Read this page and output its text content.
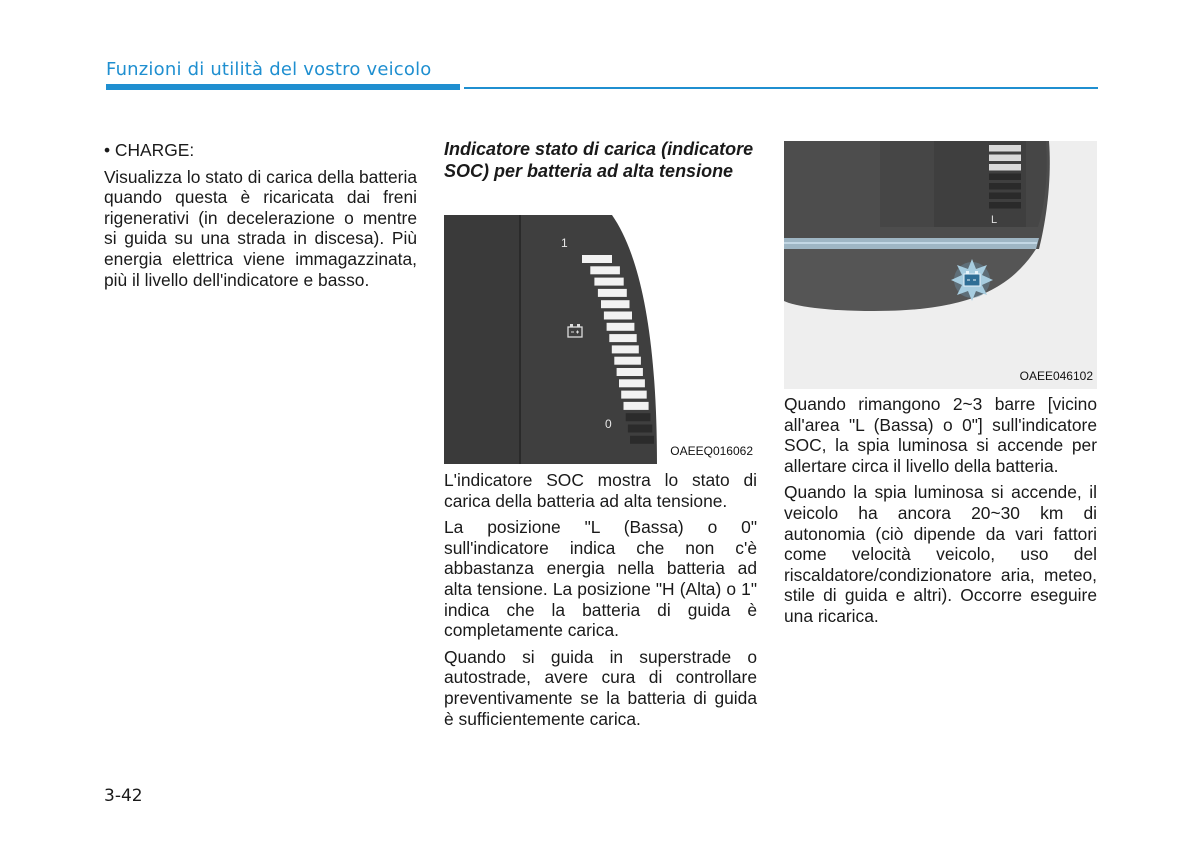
Funzioni di utilità del vostro veicolo

• CHARGE:

Visualizza lo stato di carica della batteria quando questa è ricaricata dai freni rigenerativi (in decelerazione o mentre si guida su una strada in discesa). Più energia elettrica viene immagazzinata, più il livello dell'indicatore e basso.

Indicatore stato di carica (indicatore SOC) per batteria ad alta tensione
1
0
OAEEQ016062

L'indicatore SOC mostra lo stato di carica della batteria ad alta tensione.

La posizione "L (Bassa) o 0" sull'indicatore indica che non c'è abbastanza energia nella batteria ad alta tensione. La posizione "H (Alta) o 1" indica che la batteria di guida è completamente carica.

Quando si guida in superstrade o autostrade, avere cura di controllare preventivamente se la batteria di guida è sufficientemente carica.

L
OAEE046102

Quando rimangono 2~3 barre [vicino all'area "L (Bassa) o 0"] sull'indicatore SOC, la spia luminosa si accende per allertare circa il livello della batteria.

Quando la spia luminosa si accende, il veicolo ha ancora 20~30 km di autonomia (ciò dipende da vari fattori come velocità veicolo, uso del riscaldatore/condizionatore aria, meteo, stile di guida e altri). Occorre eseguire una ricarica.

3-42
